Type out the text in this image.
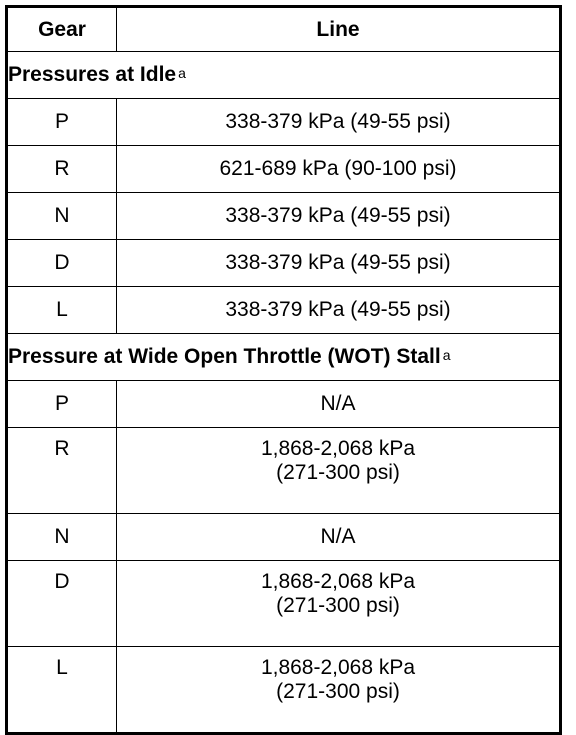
Gear	Line
Pressures at Idle $^a$
P	338-379 kPa (49-55 psi)
R	621-689 kPa (90-100 psi)
N	338-379 kPa (49-55 psi)
D	338-379 kPa (49-55 psi)
L	338-379 kPa (49-55 psi)
Pressure at Wide Open Throttle (WOT) Stall $^a$
P	N/A
R	1,868-2,068 kPa
(271-300 psi)

N	N/A
D	1,868-2,068 kPa
(271-300 psi)

L	1,868-2,068 kPa
(271-300 psi)
